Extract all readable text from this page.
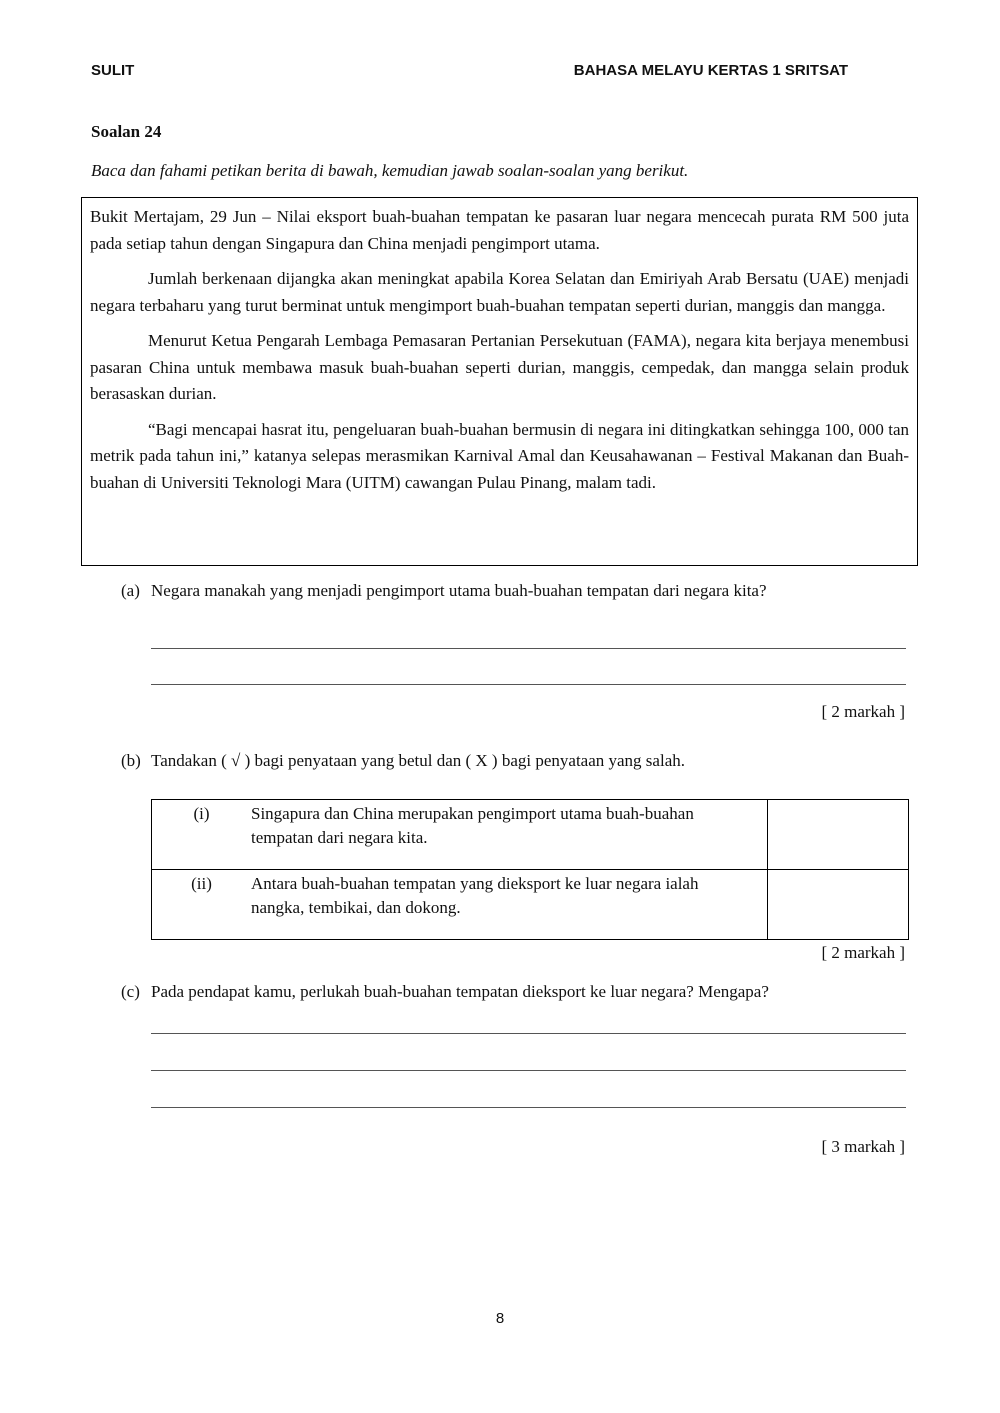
SULIT	BAHASA MELAYU KERTAS 1 SRITSAT
Soalan 24
Baca dan fahami petikan berita di bawah, kemudian jawab soalan-soalan yang berikut.

Bukit Mertajam, 29 Jun – Nilai eksport buah-buahan tempatan ke pasaran luar negara mencecah purata RM 500 juta pada setiap tahun dengan Singapura dan China menjadi pengimport utama.

Jumlah berkenaan dijangka akan meningkat apabila Korea Selatan dan Emiriyah Arab Bersatu (UAE) menjadi negara terbaharu yang turut berminat untuk mengimport buah-buahan tempatan seperti durian, manggis dan mangga.

Menurut Ketua Pengarah Lembaga Pemasaran Pertanian Persekutuan (FAMA), negara kita berjaya menembusi pasaran China untuk membawa masuk buah-buahan seperti durian, manggis, cempedak, dan mangga selain produk berasaskan durian.

“Bagi mencapai hasrat itu, pengeluaran buah-buahan bermusin di negara ini ditingkatkan sehingga 100, 000 tan metrik pada tahun ini,” katanya selepas merasmikan Karnival Amal dan Keusahawanan – Festival Makanan dan Buah-buahan di Universiti Teknologi Mara (UITM) cawangan Pulau Pinang, malam tadi.

(a) Negara manakah yang menjadi pengimport utama buah-buahan tempatan dari negara kita?
[ 2 markah ]
(b) Tandakan ( √ ) bagi penyataan yang betul dan ( X ) bagi penyataan yang salah.
(i) Singapura dan China merupakan pengimport utama buah-buahan tempatan dari negara kita.	

(ii) Antara buah-buahan tempatan yang dieksport ke luar negara ialah nangka, tembikai, dan dokong.	

[ 2 markah ]
(c) Pada pendapat kamu, perlukah buah-buahan tempatan dieksport ke luar negara? Mengapa?
[ 3 markah ]
8
